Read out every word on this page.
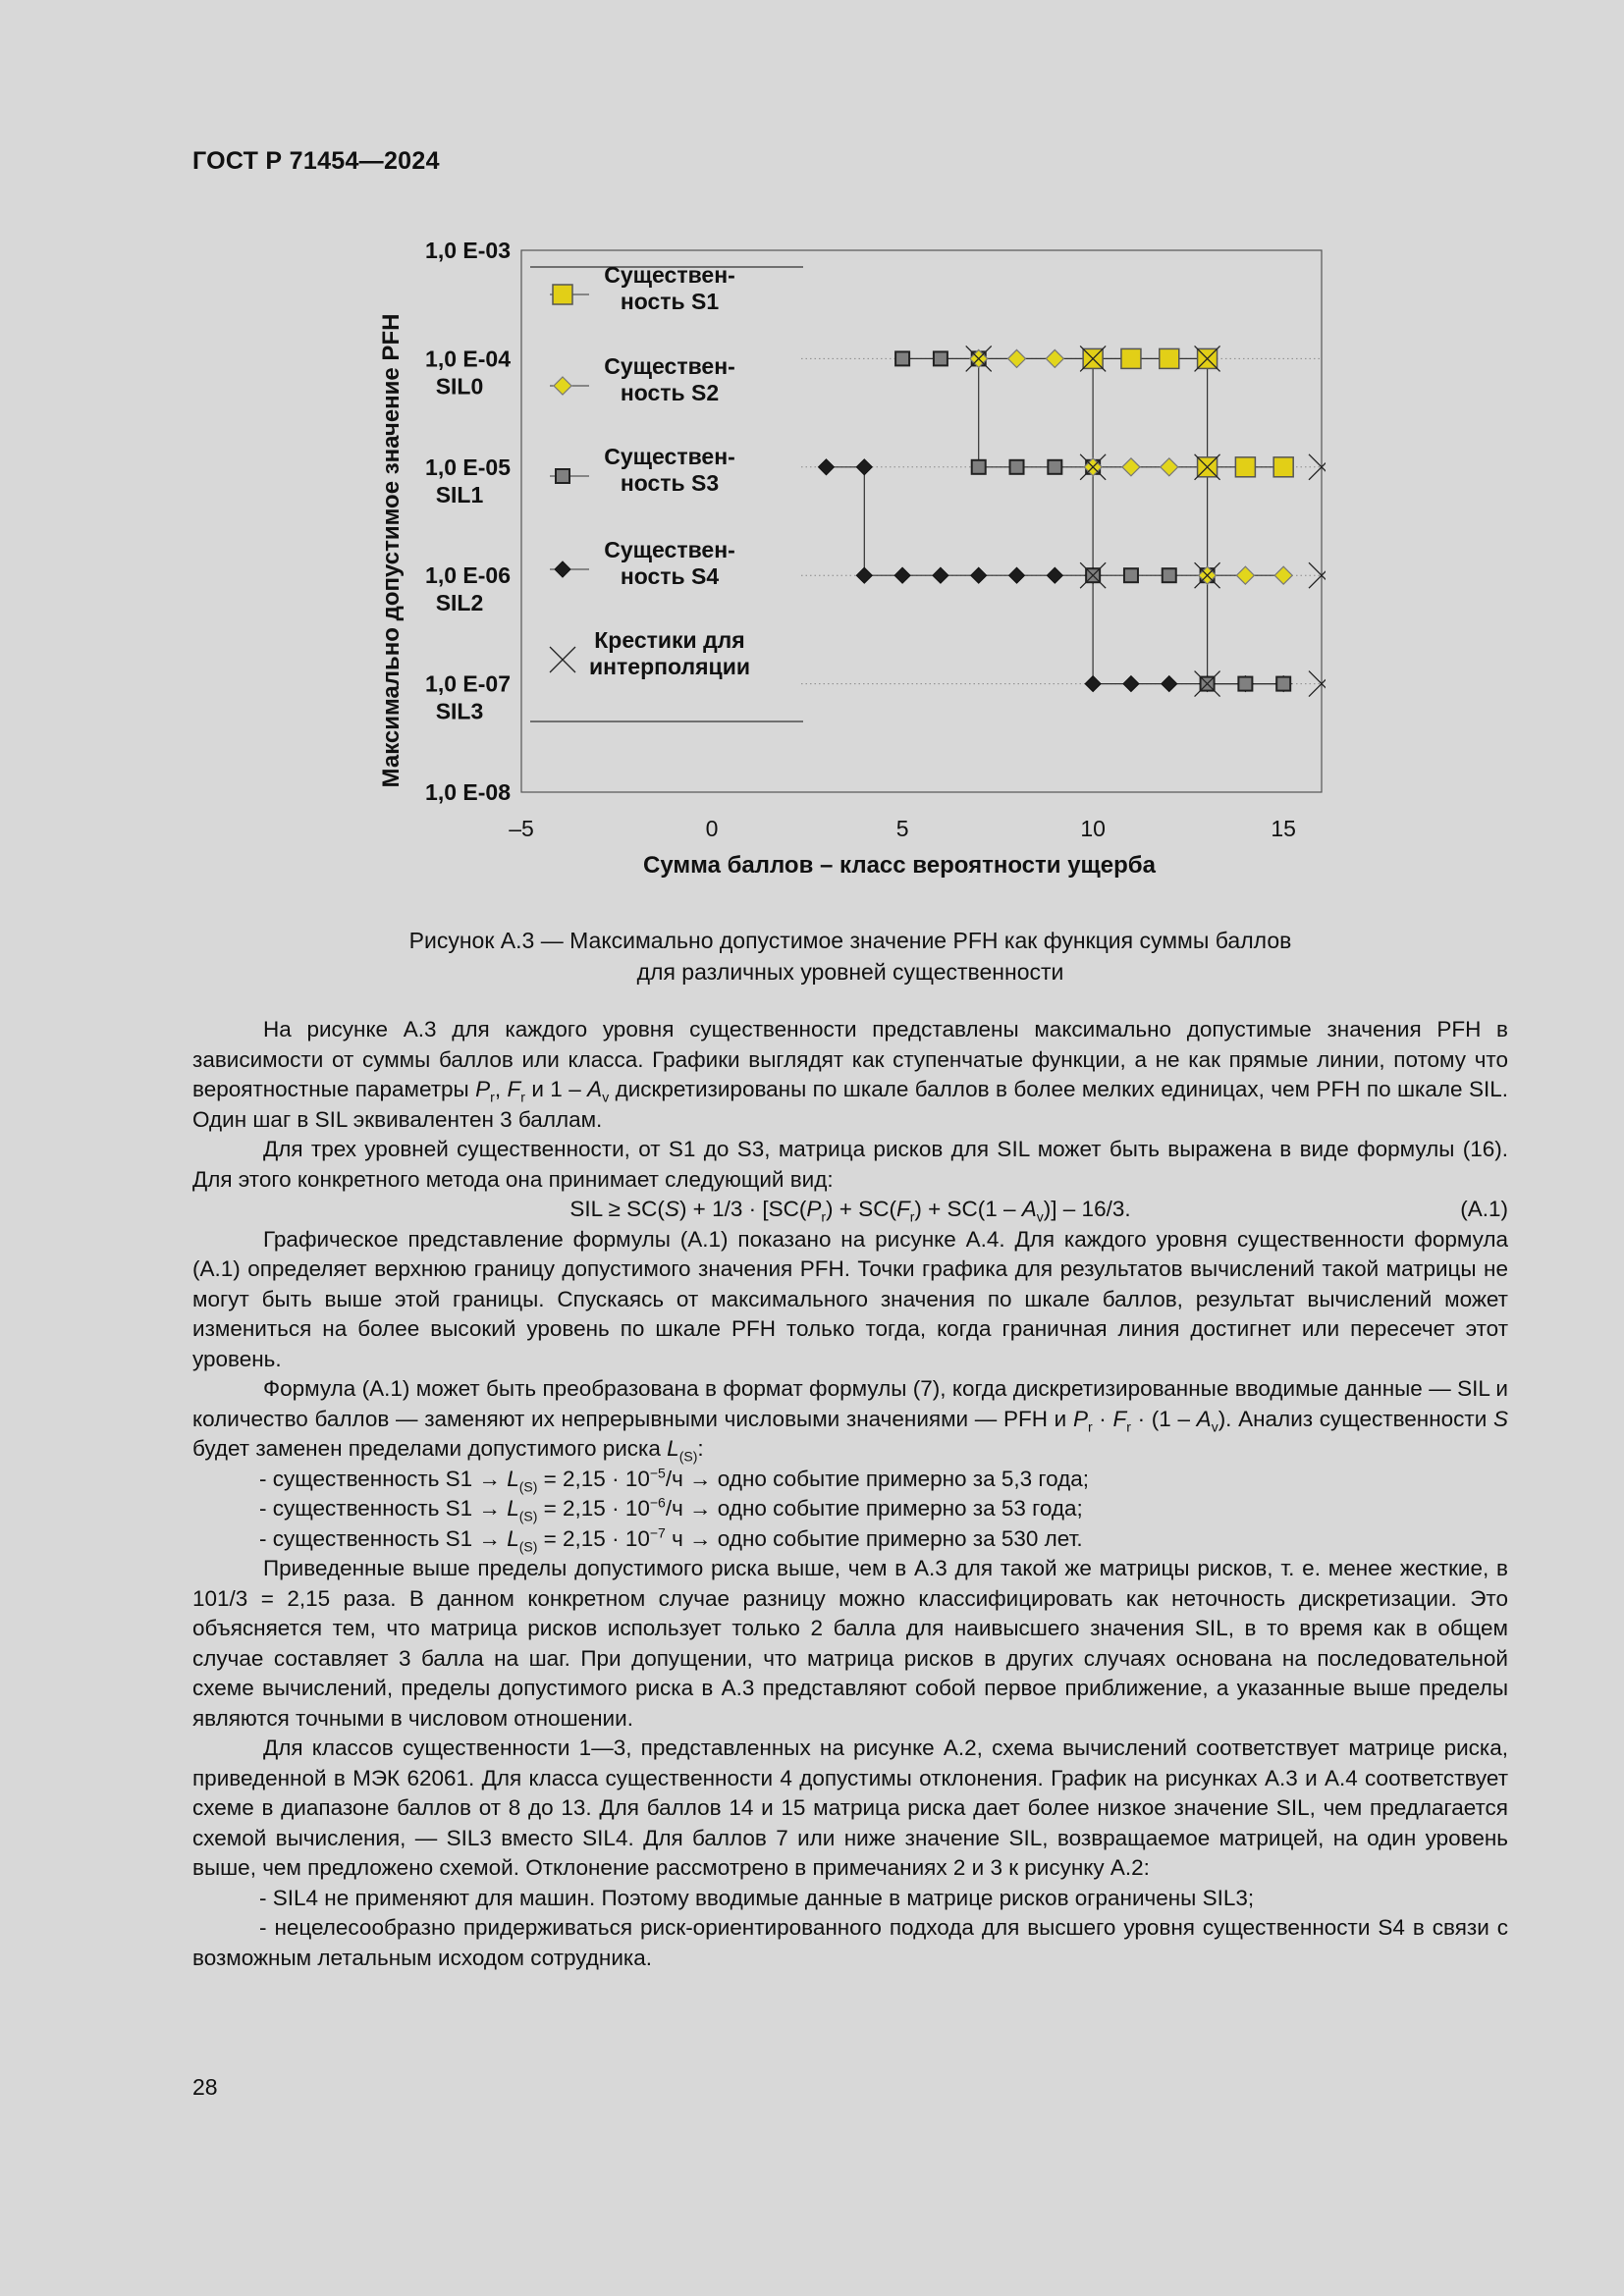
ГОСТ Р 71454—2024
Существен-ность S1
Существен-ность S2
Существен-ность S3
Существен-ность S4
Крестики для интерполяции
1,0 E-03
1,0 E-04
SIL0
1,0 E-05
SIL1
1,0 E-06
SIL2
1,0 E-07
SIL3
1,0 E-08
–5	0	5	10	15
Сумма баллов – класс вероятности ущерба
Максимально допустимое значение PFH
Рисунок А.3 — Максимально допустимое значение PFH как функция суммы баллов
для различных уровней существенности

На рисунке А.3 для каждого уровня существенности представлены максимально допустимые значения PFH в зависимости от суммы баллов или класса. Графики выглядят как ступенчатые функции, а не как прямые линии, потому что вероятностные параметры $P_r$, $F_r$ и $1 - A_v$ дискретизированы по шкале баллов в более мелких единицах, чем PFH по шкале SIL. Один шаг в SIL эквивалентен 3 баллам.

Для трех уровней существенности, от S1 до S3, матрица рисков для SIL может быть выражена в виде формулы (16). Для этого конкретного метода она принимает следующий вид:

SIL ≥ $SC(S) + 1/3 \cdot [SC(P_r) + SC(F_r) + SC(1 - A_v)] - 16/3$.	(А.1)

Графическое представление формулы (А.1) показано на рисунке А.4. Для каждого уровня существенности формула (А.1) определяет верхнюю границу допустимого значения PFH. Точки графика для результатов вычислений такой матрицы не могут быть выше этой границы. Спускаясь от максимального значения по шкале баллов, результат вычислений может измениться на более высокий уровень по шкале PFH только тогда, когда граничная линия достигнет или пересечет этот уровень.

Формула (А.1) может быть преобразована в формат формулы (7), когда дискретизированные вводимые данные — SIL и количество баллов — заменяют их непрерывными числовыми значениями — PFH и $P_r \cdot F_r \cdot (1 - A_v)$. Анализ существенности S будет заменен пределами допустимого риска $L_{(S)}$:

- существенность $S1 \to L_{(S)} = 2,15 \cdot 10^{-5}/ч$ → одно событие примерно за 5,3 года;

- существенность $S1 \to L_{(S)} = 2,15 \cdot 10^{-6}/ч$ → одно событие примерно за 53 года;

- существенность $S1 \to L_{(S)} = 2,15 \cdot 10^{-7}$ ч → одно событие примерно за 530 лет.

Приведенные выше пределы допустимого риска выше, чем в А.3 для такой же матрицы рисков, т. е. менее жесткие, в 101/3 = 2,15 раза. В данном конкретном случае разницу можно классифицировать как неточность дискретизации. Это объясняется тем, что матрица рисков использует только 2 балла для наивысшего значения SIL, в то время как в общем случае составляет 3 балла на шаг. При допущении, что матрица рисков в других случаях основана на последовательной схеме вычислений, пределы допустимого риска в А.3 представляют собой первое приближение, а указанные выше пределы являются точными в числовом отношении.

Для классов существенности 1—3, представленных на рисунке А.2, схема вычислений соответствует матрице риска, приведенной в МЭК 62061. Для класса существенности 4 допустимы отклонения. График на рисунках А.3 и А.4 соответствует схеме в диапазоне баллов от 8 до 13. Для баллов 14 и 15 матрица риска дает более низкое значение SIL, чем предлагается схемой вычисления, — SIL3 вместо SIL4. Для баллов 7 или ниже значение SIL, возвращаемое матрицей, на один уровень выше, чем предложено схемой. Отклонение рассмотрено в примечаниях 2 и 3 к рисунку А.2:

- SIL4 не применяют для машин. Поэтому вводимые данные в матрице рисков ограничены SIL3;

- нецелесообразно придерживаться риск-ориентированного подхода для высшего уровня существенности S4 в связи с возможным летальным исходом сотрудника.

28
